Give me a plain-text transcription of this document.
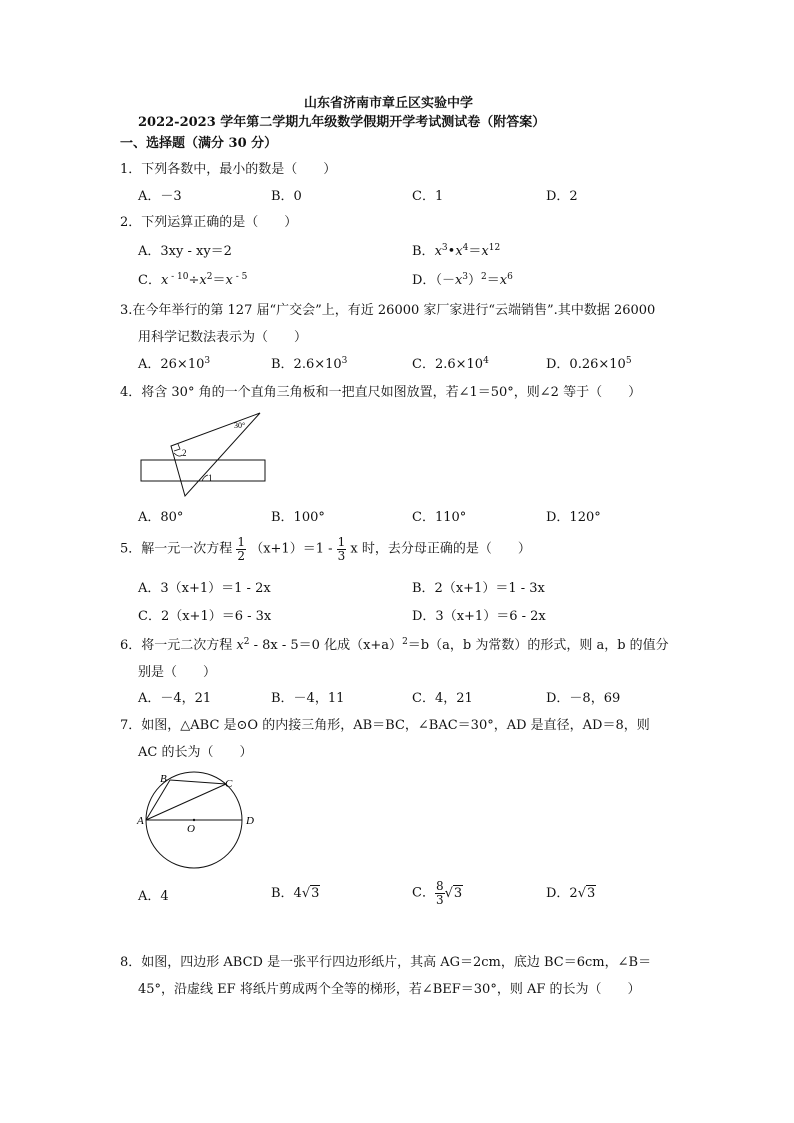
山东省济南市章丘区实验中学
2022-2023 学年第二学期九年级数学假期开学考试测试卷（附答案）
一、选择题（满分 30 分）
1．下列各数中，最小的数是（　　）
A．－3	B．0	C．1	D．2
2．下列运算正确的是（　　）
A．3xy - xy＝2	B．$x^3•x^4=x^{12}$
C．x $^{- 10}\div x^2=x$ $^{- 5}$	D．$(-x^3)^2=x^6$
3.在今年举行的第 127 届“广交会”上，有近 26000 家厂家进行“云端销售”.其中数据 26000
用科学记数法表示为（　　）
A．$26\times 10^3$	B．$2.6\times 10^3$	C．$2.6\times 10^4$	D．$0.26\times 10^5$
4．将含 30° 角的一个直角三角板和一把直尺如图放置，若∠1＝50°，则∠2 等于（　　）
30°
2
1
A．80°	B．100°	C．110°	D．120°
5．解一元一次方程 $\frac{1}{2} (x+1)=1 - \frac{1}{3}$ x 时，去分母正确的是（　　）
A．3（x+1）＝1 - 2x	B．2（x+1）＝1 - 3x
C．2（x+1）＝6 - 3x	D．3（x+1）＝6 - 2x
6．将一元二次方程 $x^2 - 8x - 5=0$ 化成$(x+a)^2=b(a$，b 为常数）的形式，则 a，b 的值分
别是（　　）
A．－4，21	B．－4，11	C．4，21	D．－8，69
7．如图，△ABC 是⊙O 的内接三角形，AB＝BC，∠BAC＝30°，AD 是直径，AD＝8，则
AC 的长为（　　）
B	C
A	D
O
A．4	B．4√3	C． $\frac{8}{3} √3$	D．2√3
8．如图，四边形 ABCD 是一张平行四边形纸片，其高 AG＝2cm，底边 BC＝6cm，∠B＝
45°，沿虚线 EF 将纸片剪成两个全等的梯形，若∠BEF＝30°，则 AF 的长为（　　）
